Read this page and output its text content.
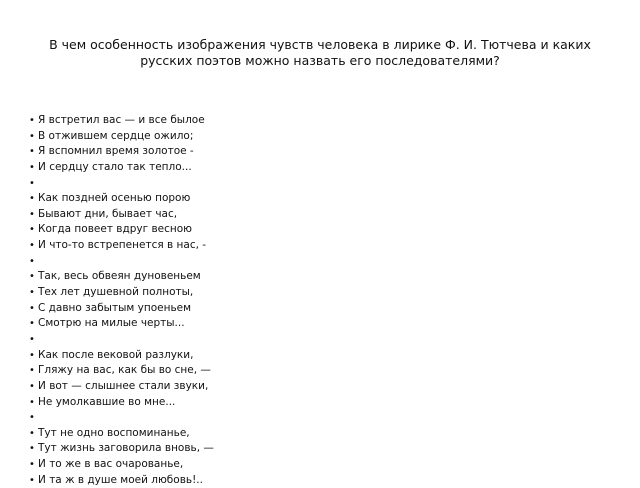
В чем особенность изображения чувств человека в лирике Ф. И. Тютчева и каких русских поэтов можно назвать его последователями?
• Я встретил вас — и все былое
• В отжившем сердце ожило;
• Я вспомнил время золотое -
• И сердцу стало так тепло...
•
• Как поздней осенью порою
• Бывают дни, бывает час,
• Когда повеет вдруг весною
• И что-то встрепенется в нас, -
•
• Так, весь обвеян дуновеньем
• Тех лет душевной полноты,
• С давно забытым упоеньем
• Смотрю на милые черты...
•
• Как после вековой разлуки,
• Гляжу на вас, как бы во сне, —
• И вот — слышнее стали звуки,
• Не умолкавшие во мне...
•
• Тут не одно воспоминанье,
• Тут жизнь заговорила вновь, —
• И то же в вас очарованье,
• И та ж в душе моей любовь!..
